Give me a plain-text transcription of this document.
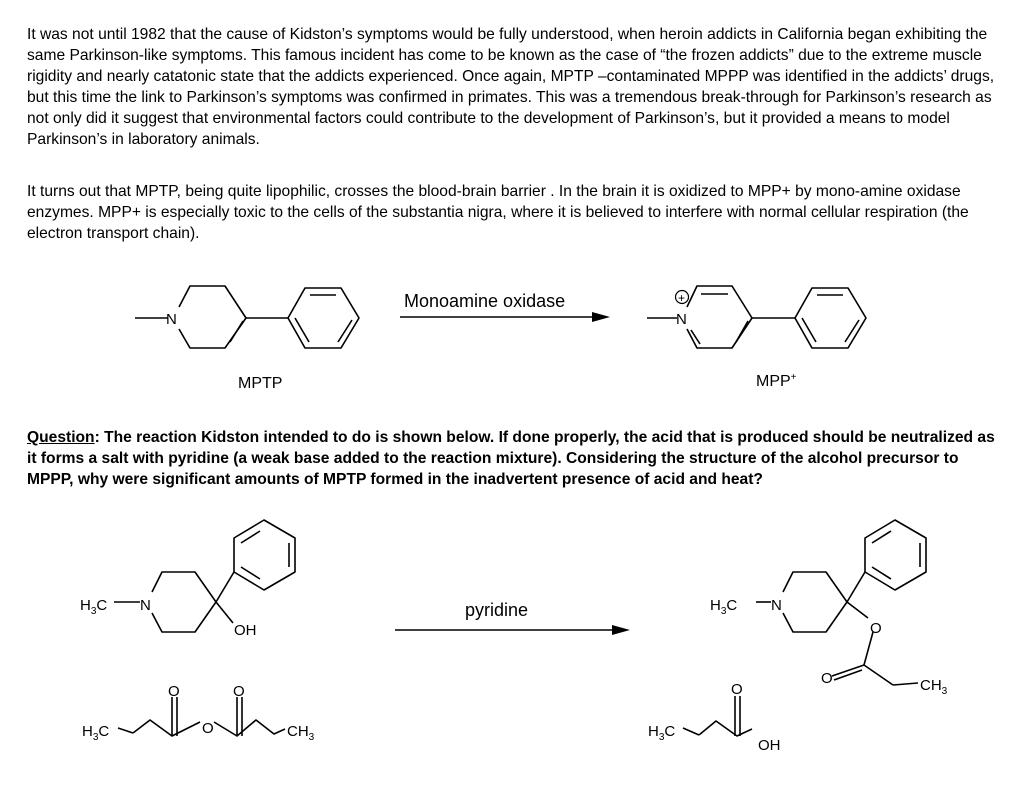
It was not until 1982 that the cause of Kidston’s symptoms would be fully understood, when heroin addicts in California began exhibiting the same Parkinson-like symptoms. This famous incident has come to be known as the case of “the frozen addicts” due to the extreme muscle rigidity and nearly catatonic state that the addicts experienced. Once again, MPTP –contaminated MPPP was identified in the addicts’ drugs, but this time the link to Parkinson’s symptoms was confirmed in primates. This was a tremendous break-through for Parkinson’s research as not only did it suggest that environmental factors could contribute to the development of Parkinson’s, but it provided a means to model Parkinson’s in laboratory animals.

It turns out that MPTP, being quite lipophilic, crosses the blood-brain barrier . In the brain it is oxidized to MPP+ by mono-amine oxidase enzymes. MPP+ is especially toxic to the cells of the substantia nigra, where it is believed to interfere with normal cellular respiration (the electron transport chain).

Question: The reaction Kidston intended to do is shown below. If done properly, the acid that is produced should be neutralized as it forms a salt with pyridine (a weak base added to the reaction mixture). Considering the structure of the alcohol precursor to MPPP, why were significant amounts of MPTP formed in the inadvertent presence of acid and heat?

N	N
+
Monoamine oxidase
MPTP	MPP+
$H_3C$ N
OH
$H_3C$
O
O
O
$CH_3$
pyridine	$H_3C$ N
O
O	$CH_3$
$H_3C$
O
OH
